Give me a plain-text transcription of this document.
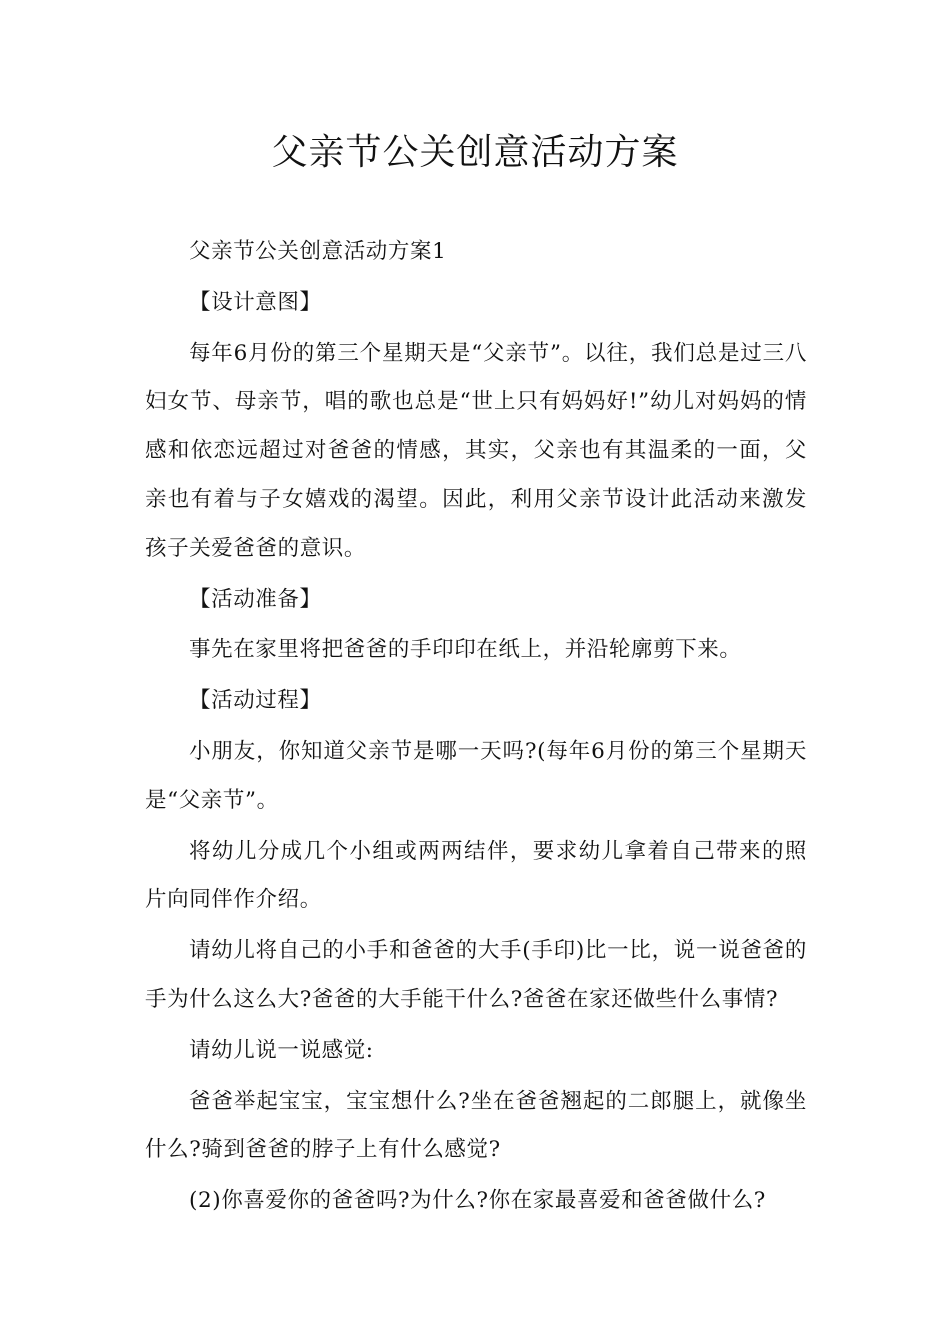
父亲节公关创意活动方案

父亲节公关创意活动方案1

【设计意图】

每年6月份的第三个星期天是“父亲节”。以往，我们总是过三八妇女节、母亲节，唱的歌也总是“世上只有妈妈好!”幼儿对妈妈的情感和依恋远超过对爸爸的情感，其实，父亲也有其温柔的一面，父亲也有着与子女嬉戏的渴望。因此，利用父亲节设计此活动来激发孩子关爱爸爸的意识。

【活动准备】

事先在家里将把爸爸的手印印在纸上，并沿轮廓剪下来。

【活动过程】

小朋友，你知道父亲节是哪一天吗?(每年6月份的第三个星期天是“父亲节”。

将幼儿分成几个小组或两两结伴，要求幼儿拿着自己带来的照片向同伴作介绍。

请幼儿将自己的小手和爸爸的大手(手印)比一比，说一说爸爸的手为什么这么大?爸爸的大手能干什么?爸爸在家还做些什么事情?

请幼儿说一说感觉:

爸爸举起宝宝，宝宝想什么?坐在爸爸翘起的二郎腿上，就像坐什么?骑到爸爸的脖子上有什么感觉?

(2)你喜爱你的爸爸吗?为什么?你在家最喜爱和爸爸做什么?
